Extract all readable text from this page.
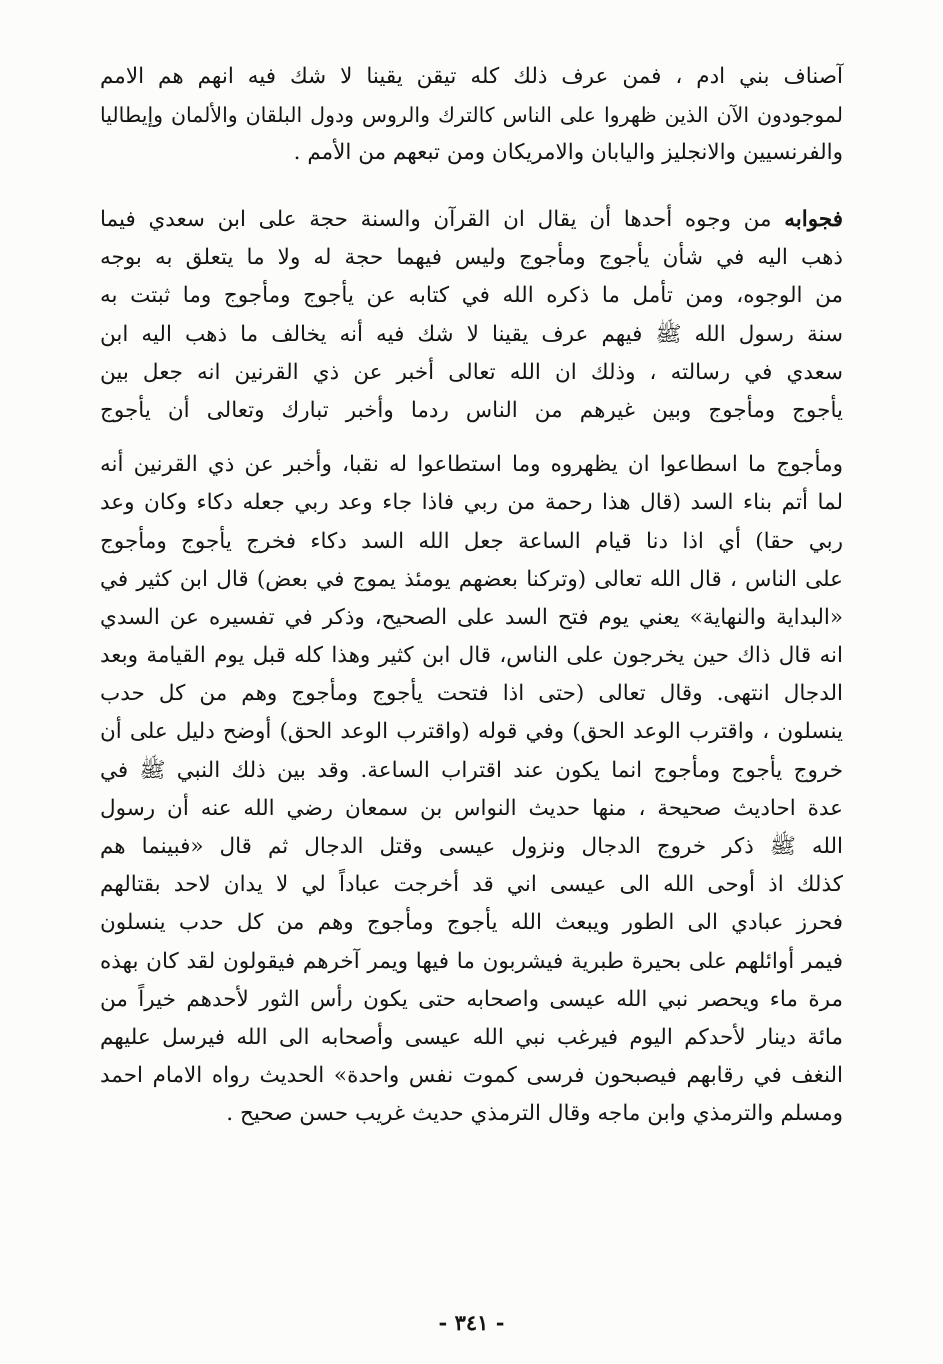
آصناف بني ادم ، فمن عرف ذلك كله تيقن يقينا لا شك فيه انهم هم الامم
لموجودون الآن الذين ظهروا على الناس كالترك والروس ودول البلقان والألمان وإيطاليا
والفرنسيين والانجليز واليابان والامريكان ومن تبعهم من الأمم .
فجوابه من وجوه أحدها أن يقال ان القرآن والسنة حجة على ابن سعدي فيما
ذهب اليه في شأن يأجوج ومأجوج وليس فيهما حجة له ولا ما يتعلق به بوجه
من الوجوه، ومن تأمل ما ذكره الله في كتابه عن يأجوج ومأجوج وما ثبتت به
سنة رسول الله ﷺ فيهم عرف يقينا لا شك فيه أنه يخالف ما ذهب اليه ابن
سعدي في رسالته ، وذلك ان الله تعالى أخبر عن ذي القرنين انه جعل بين
يأجوج ومأجوج وبين غيرهم من الناس ردما وأخبر تبارك وتعالى أن يأجوج
ومأجوج ما اسطاعوا ان يظهروه وما استطاعوا له نقبا، وأخبر عن ذي القرنين أنه
لما أتم بناء السد (قال هذا رحمة من ربي فاذا جاء وعد ربي جعله دكاء وكان وعد
ربي حقا) أي اذا دنا قيام الساعة جعل الله السد دكاء فخرج يأجوج ومأجوج
على الناس ، قال الله تعالى (وتركنا بعضهم يومئذ يموج في بعض) قال ابن كثير في
«البداية والنهاية» يعني يوم فتح السد على الصحيح، وذكر في تفسيره عن السدي
انه قال ذاك حين يخرجون على الناس، قال ابن كثير وهذا كله قبل يوم القيامة وبعد
الدجال انتهى. وقال تعالى (حتى اذا فتحت يأجوج ومأجوج وهم من كل حدب
ينسلون ، واقترب الوعد الحق) وفي قوله (واقترب الوعد الحق) أوضح دليل على أن
خروج يأجوج ومأجوج انما يكون عند اقتراب الساعة. وقد بين ذلك النبي ﷺ في
عدة احاديث صحيحة ، منها حديث النواس بن سمعان رضي الله عنه أن رسول
الله ﷺ ذكر خروج الدجال ونزول عيسى وقتل الدجال ثم قال «فبينما هم
كذلك اذ أوحى الله الى عيسى اني قد أخرجت عباداً لي لا يدان لاحد بقتالهم
فحرز عبادي الى الطور ويبعث الله يأجوج ومأجوج وهم من كل حدب ينسلون
فيمر أوائلهم على بحيرة طبرية فيشربون ما فيها ويمر آخرهم فيقولون لقد كان بهذه
مرة ماء ويحصر نبي الله عيسى واصحابه حتى يكون رأس الثور لأحدهم خيراً من
مائة دينار لأحدكم اليوم فيرغب نبي الله عيسى وأصحابه الى الله فيرسل عليهم
النغف في رقابهم فيصبحون فرسى كموت نفس واحدة» الحديث رواه الامام احمد
ومسلم والترمذي وابن ماجه وقال الترمذي حديث غريب حسن صحيح .
- ٣٤١ -
